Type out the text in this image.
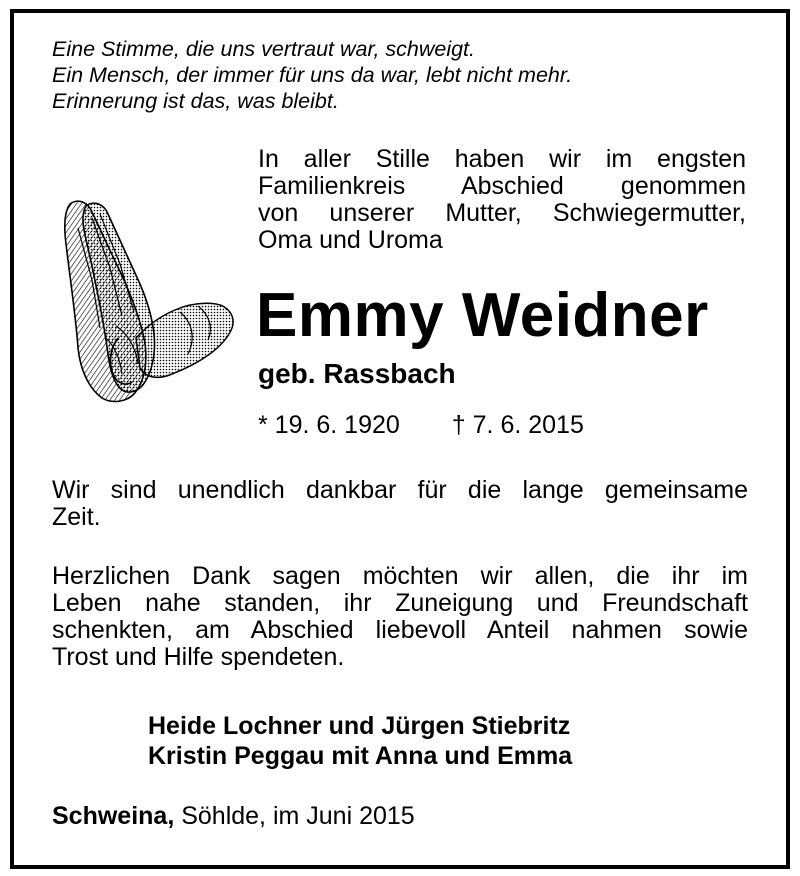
Eine Stimme, die uns vertraut war, schweigt.
Ein Mensch, der immer für uns da war, lebt nicht mehr.
Erinnerung ist das, was bleibt.
In aller Stille haben wir im engsten
Familienkreis Abschied genommen
von unserer Mutter, Schwiegermutter,
Oma und Uroma
Emmy Weidner
geb. Rassbach
* 19. 6. 1920 † 7. 6. 2015
Wir sind unendlich dankbar für die lange gemeinsame
Zeit.
Herzlichen Dank sagen möchten wir allen, die ihr im
Leben nahe standen, ihr Zuneigung und Freundschaft
schenkten, am Abschied liebevoll Anteil nahmen sowie
Trost und Hilfe spendeten.
Heide Lochner und Jürgen Stiebritz
Kristin Peggau mit Anna und Emma
Schweina, Söhlde, im Juni 2015
